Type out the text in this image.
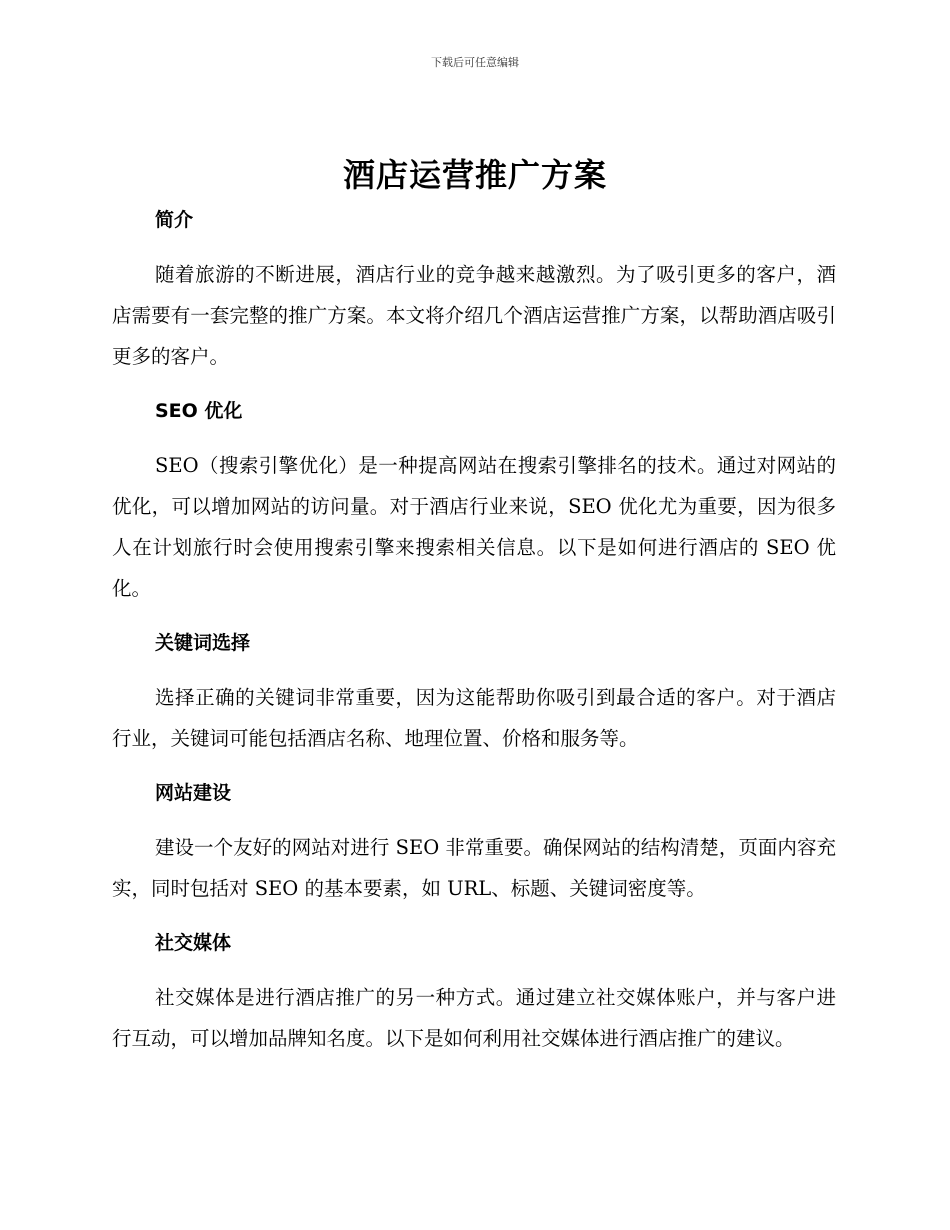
下载后可任意编辑
酒店运营推广方案
简介

随着旅游的不断进展，酒店行业的竞争越来越激烈。为了吸引更多的客户，酒店需要有一套完整的推广方案。本文将介绍几个酒店运营推广方案，以帮助酒店吸引更多的客户。

SEO 优化

SEO（搜索引擎优化）是一种提高网站在搜索引擎排名的技术。通过对网站的优化，可以增加网站的访问量。对于酒店行业来说，SEO 优化尤为重要，因为很多人在计划旅行时会使用搜索引擎来搜索相关信息。以下是如何进行酒店的 SEO 优化。

关键词选择

选择正确的关键词非常重要，因为这能帮助你吸引到最合适的客户。对于酒店行业，关键词可能包括酒店名称、地理位置、价格和服务等。

网站建设

建设一个友好的网站对进行 SEO 非常重要。确保网站的结构清楚，页面内容充实，同时包括对 SEO 的基本要素，如 URL、标题、关键词密度等。

社交媒体

社交媒体是进行酒店推广的另一种方式。通过建立社交媒体账户，并与客户进行互动，可以增加品牌知名度。以下是如何利用社交媒体进行酒店推广的建议。
